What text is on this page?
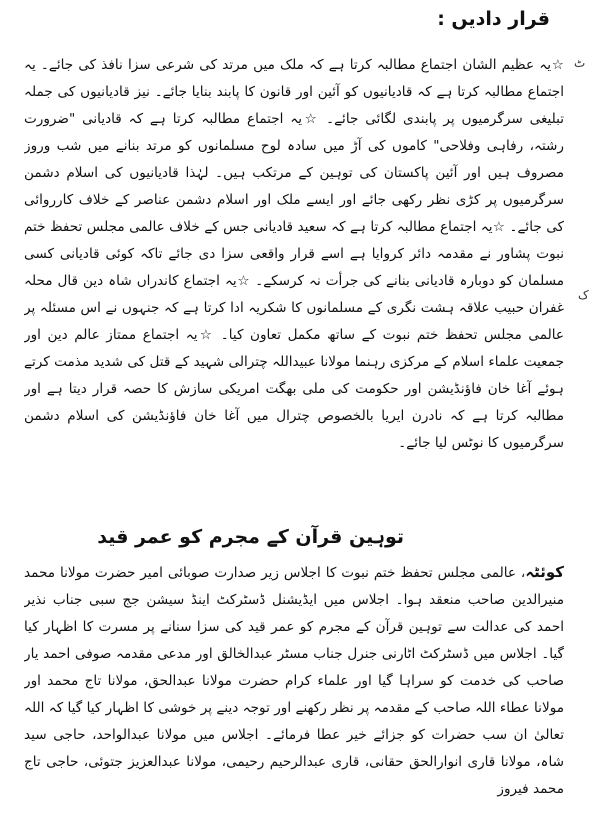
قرار دادیں :
ٹ
ک

☆یہ عظیم الشان اجتماع مطالبہ کرتا ہے کہ ملک میں مرتد کی شرعی سزا نافذ کی جائے۔ یہ اجتماع مطالبہ کرتا ہے کہ قادیانیوں کو آئین اور قانون کا پابند بنایا جائے۔ نیز قادیانیوں کی جملہ تبلیغی سرگرمیوں پر پابندی لگائی جائے۔ ☆یہ اجتماع مطالبہ کرتا ہے کہ قادیانی "ضرورت رشتہ، رفاہی وفلاحی" کاموں کی آڑ میں سادہ لوح مسلمانوں کو مرتد بنانے میں شب وروز مصروف ہیں اور آئین پاکستان کی توہین کے مرتکب ہیں۔ لہٰذا قادیانیوں کی اسلام دشمن سرگرمیوں پر کڑی نظر رکھی جائے اور ایسے ملک اور اسلام دشمن عناصر کے خلاف کارروائی کی جائے۔ ☆یہ اجتماع مطالبہ کرتا ہے کہ سعید قادیانی جس کے خلاف عالمی مجلس تحفظ ختم نبوت پشاور نے مقدمہ دائر کروایا ہے اسے قرار واقعی سزا دی جائے تاکہ کوئی قادیانی کسی مسلمان کو دوبارہ قادیانی بنانے کی جرأت نہ کرسکے۔ ☆یہ اجتماع کاندراں شاہ دین قال محلہ غفران حبیب علاقہ ہشت نگری کے مسلمانوں کا شکریہ ادا کرتا ہے کہ جنہوں نے اس مسئلہ پر عالمی مجلس تحفظ ختم نبوت کے ساتھ مکمل تعاون کیا۔ ☆یہ اجتماع ممتاز عالم دین اور جمعیت علماء اسلام کے مرکزی رہنما مولانا عبیداللہ چترالی شہید کے قتل کی شدید مذمت کرتے ہوئے آغا خان فاؤنڈیشن اور حکومت کی ملی بھگت امریکی سازش کا حصہ قرار دیتا ہے اور مطالبہ کرتا ہے کہ نادرن ایریا بالخصوص چترال میں آغا خان فاؤنڈیشن کی اسلام دشمن سرگرمیوں کا نوٹس لیا جائے۔

توہین قرآن کے مجرم کو عمر قید

کوئٹہ، عالمی مجلس تحفظ ختم نبوت کا اجلاس زیر صدارت صوبائی امیر حضرت مولانا محمد منیرالدین صاحب منعقد ہوا۔ اجلاس میں ایڈیشنل ڈسٹرکٹ اینڈ سیشن جج سبی جناب نذیر احمد کی عدالت سے توہین قرآن کے مجرم کو عمر قید کی سزا سنانے پر مسرت کا اظہار کیا گیا۔ اجلاس میں ڈسٹرکٹ اٹارنی جنرل جناب مسٹر عبدالخالق اور مدعی مقدمہ صوفی احمد یار صاحب کی خدمت کو سراہا گیا اور علماء کرام حضرت مولانا عبدالحق، مولانا تاج محمد اور مولانا عطاء اللہ صاحب کے مقدمہ پر نظر رکھنے اور توجہ دینے پر خوشی کا اظہار کیا گیا کہ اللہ تعالیٰ ان سب حضرات کو جزائے خیر عطا فرمائے۔ اجلاس میں مولانا عبدالواحد، حاجی سید شاہ، مولانا قاری انوارالحق حقانی، قاری عبدالرحیم رحیمی، مولانا عبدالعزیز جتوئی، حاجی تاج محمد فیروز
